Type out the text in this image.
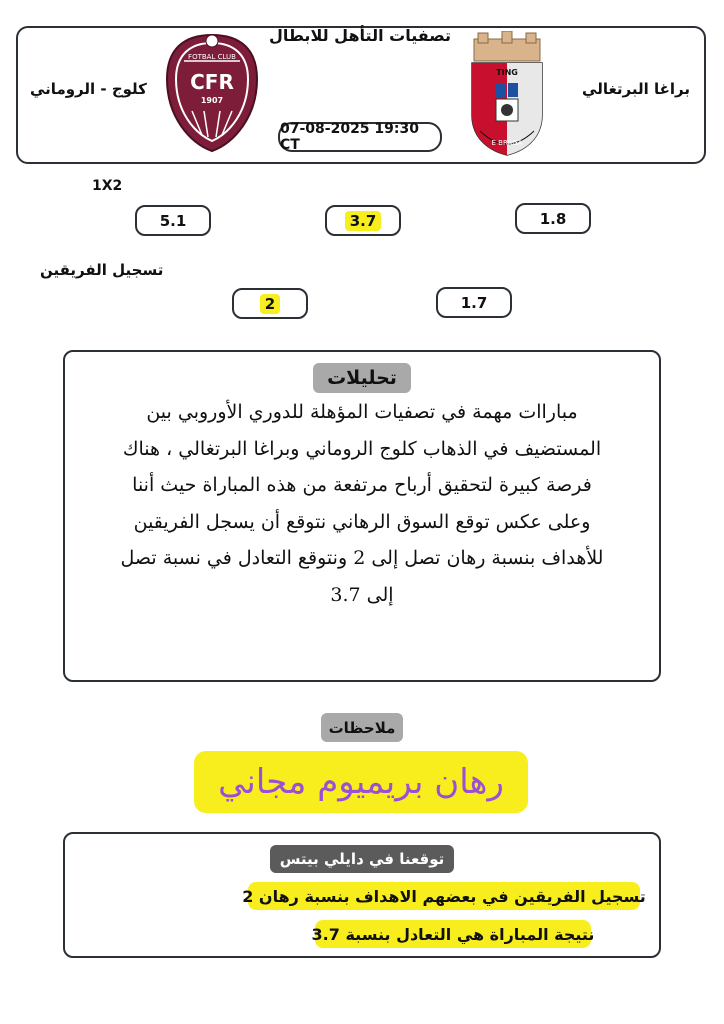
تصفيات التأهل للابطال
براغا البرتغالي
كلوج - الروماني
FOTBAL CLUB
CFR
1907
TING
E BRAGA
07-08-2025 19:30 CT
1X2
1.8
3.7
5.1
تسجيل الفريقين
1.7
2
تحليلات
مباراات مهمة في تصفيات المؤهلة للدوري الأوروبي بين
المستضيف في الذهاب كلوج الروماني وبراغا البرتغالي ، هناك
فرصة كبيرة لتحقيق أرباح مرتفعة من هذه المباراة حيث أننا
وعلى عكس توقع السوق الرهاني نتوقع أن يسجل الفريقين
للأهداف بنسبة رهان تصل إلى 2 ونتوقع التعادل في نسبة تصل
إلى 3.7
ملاحظات
رهان بريميوم مجاني
توقعنا في دايلي بيتس
تسجيل الفريقين في بعضهم الاهداف بنسبة رهان 2
نتيجة المباراة هي التعادل بنسبة 3.7
